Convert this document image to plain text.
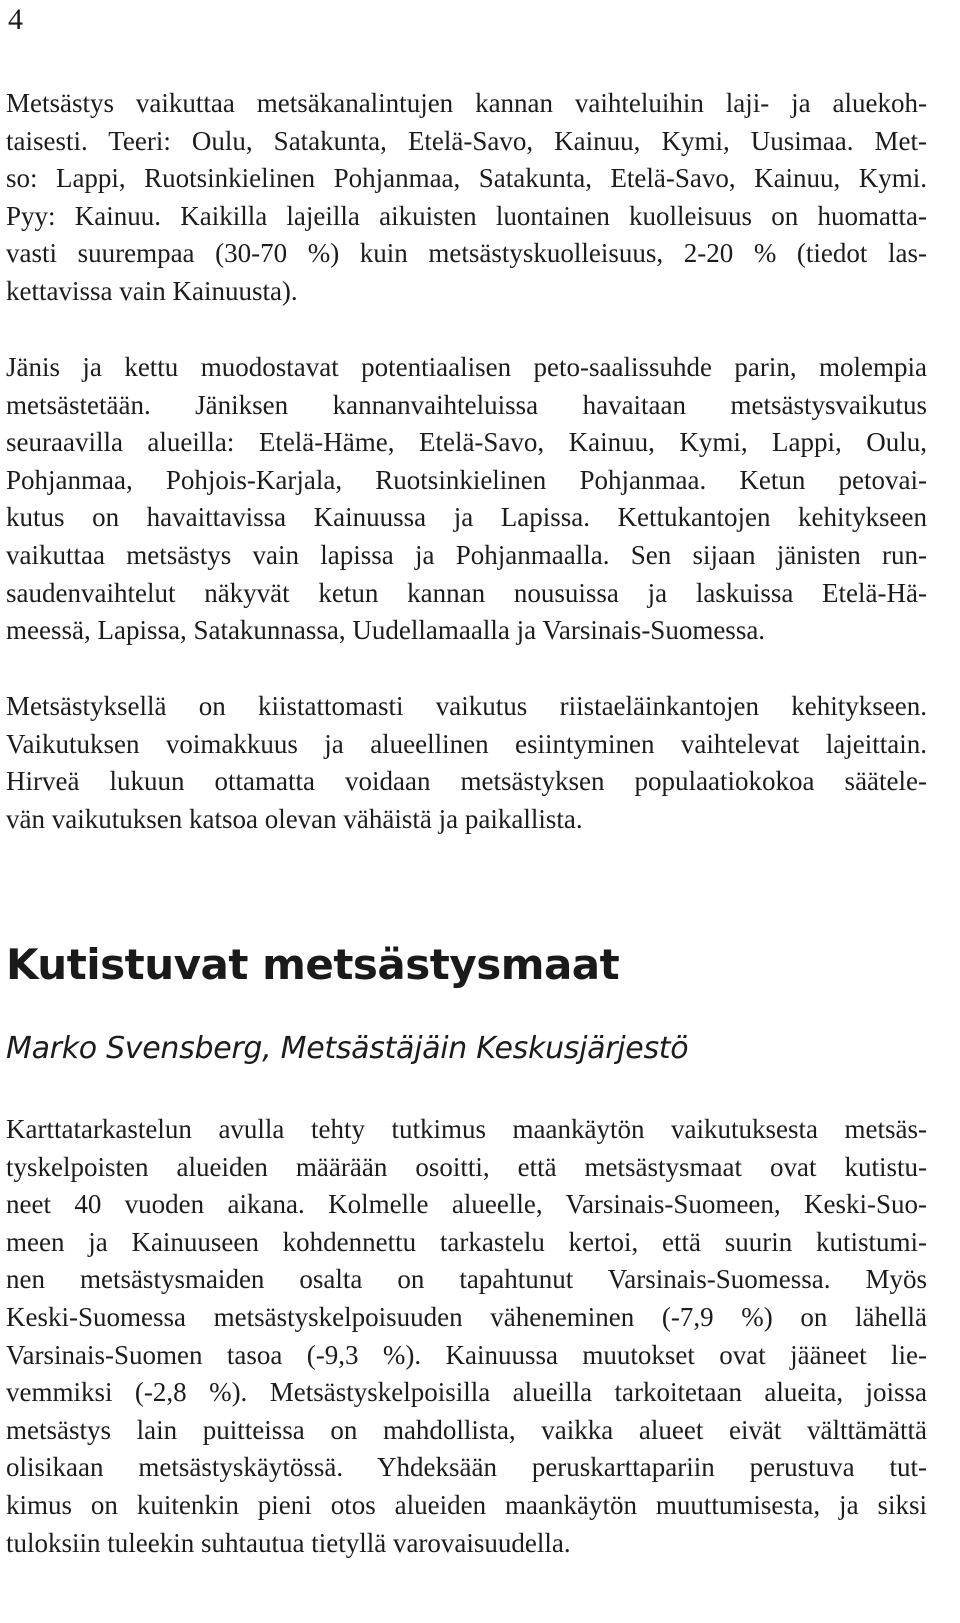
4
Metsästys vaikuttaa metsäkanalintujen kannan vaihteluihin laji- ja aluekoh-
taisesti. Teeri: Oulu, Satakunta, Etelä-Savo, Kainuu, Kymi, Uusimaa. Met-
so: Lappi, Ruotsinkielinen Pohjanmaa, Satakunta, Etelä-Savo, Kainuu, Kymi.
Pyy: Kainuu. Kaikilla lajeilla aikuisten luontainen kuolleisuus on huomatta-
vasti suurempaa (30-70 %) kuin metsästyskuolleisuus, 2-20 % (tiedot las-
kettavissa vain Kainuusta).
Jänis ja kettu muodostavat potentiaalisen peto-saalissuhde parin, molempia
metsästetään. Jäniksen kannanvaihteluissa havaitaan metsästysvaikutus
seuraavilla alueilla: Etelä-Häme, Etelä-Savo, Kainuu, Kymi, Lappi, Oulu,
Pohjanmaa, Pohjois-Karjala, Ruotsinkielinen Pohjanmaa. Ketun petovai-
kutus on havaittavissa Kainuussa ja Lapissa. Kettukantojen kehitykseen
vaikuttaa metsästys vain lapissa ja Pohjanmaalla. Sen sijaan jänisten run-
saudenvaihtelut näkyvät ketun kannan nousuissa ja laskuissa Etelä-Hä-
meessä, Lapissa, Satakunnassa, Uudellamaalla ja Varsinais-Suomessa.
Metsästyksellä on kiistattomasti vaikutus riistaeläinkantojen kehitykseen.
Vaikutuksen voimakkuus ja alueellinen esiintyminen vaihtelevat lajeittain.
Hirveä lukuun ottamatta voidaan metsästyksen populaatiokokoa säätele-
vän vaikutuksen katsoa olevan vähäistä ja paikallista.
Kutistuvat metsästysmaat
Marko Svensberg, Metsästäjäin Keskusjärjestö
Karttatarkastelun avulla tehty tutkimus maankäytön vaikutuksesta metsäs-
tyskelpoisten alueiden määrään osoitti, että metsästysmaat ovat kutistu-
neet 40 vuoden aikana. Kolmelle alueelle, Varsinais-Suomeen, Keski-Suo-
meen ja Kainuuseen kohdennettu tarkastelu kertoi, että suurin kutistumi-
nen metsästysmaiden osalta on tapahtunut Varsinais-Suomessa. Myös
Keski-Suomessa metsästyskelpoisuuden väheneminen (-7,9 %) on lähellä
Varsinais-Suomen tasoa (-9,3 %). Kainuussa muutokset ovat jääneet lie-
vemmiksi (-2,8 %). Metsästyskelpoisilla alueilla tarkoitetaan alueita, joissa
metsästys lain puitteissa on mahdollista, vaikka alueet eivät välttämättä
olisikaan metsästyskäytössä. Yhdeksään peruskarttapariin perustuva tut-
kimus on kuitenkin pieni otos alueiden maankäytön muuttumisesta, ja siksi
tuloksiin tuleekin suhtautua tietyllä varovaisuudella.
